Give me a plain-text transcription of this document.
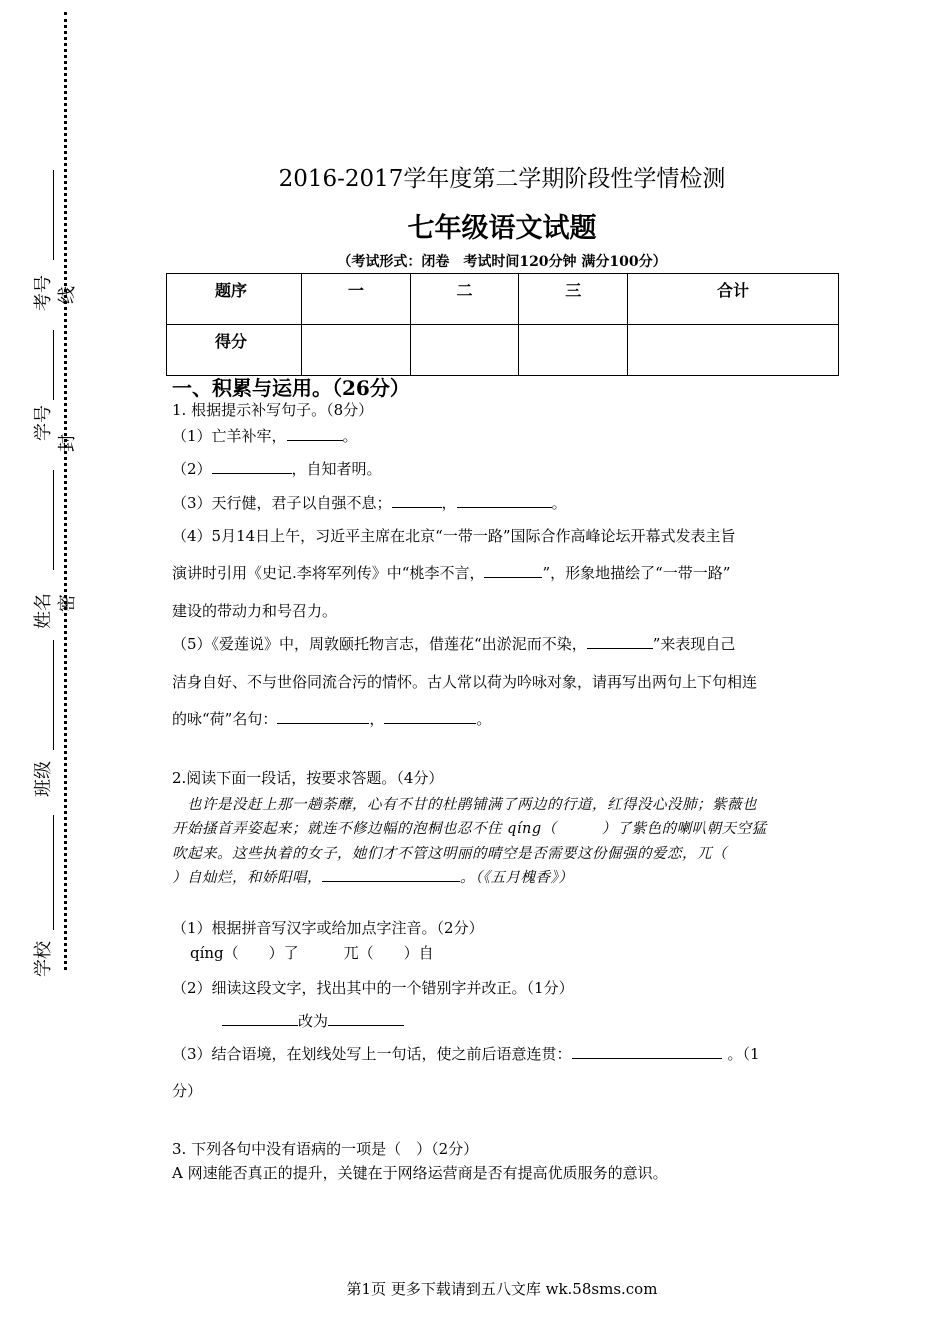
考号 线
学号
封
姓名 密
班级
学校
2016-2017学年度第二学期阶段性学情检测
七年级语文试题
（考试形式：闭卷　考试时间120分钟 满分100分）
题序	一	二	三	合计
得分				
一、积累与运用。（26分）
1. 根据提示补写句子。（8分）
（1）亡羊补牢，	。
（2）	，自知者明。
（3）天行健，君子以自强不息；	，	。
（4）5月14日上午，习近平主席在北京“一带一路”国际合作高峰论坛开幕式发表主旨
演讲时引用《史记.李将军列传》中“桃李不言，	”，形象地描绘了“一带一路”
建设的带动力和号召力。
（5）《爱莲说》中，周敦颐托物言志，借莲花“出淤泥而不染，	”来表现自己
洁身自好、不与世俗同流合污的情怀。古人常以荷为吟咏对象，请再写出两句上下句相连
的咏“荷”名句：	，	。
2.阅读下面一段话，按要求答题。（4分）
　也许是没赶上那一趟荼蘼，心有不甘的杜鹃铺满了两边的行道，红得没心没肺；紫薇也
开始搔首弄姿起来；就连不修边幅的泡桐也忍不住 qíng（　　　）了紫色的喇叭朝天空猛
吹起来。这些执着的女子，她们才不管这明丽的晴空是否需要这份倔强的爱恋，兀（
）自灿烂，和娇阳唱，	。（《五月槐香》）
（1）根据拼音写汉字或给加点字注音。（2分）
qíng（　　）了　　　兀（　　）自
（2）细读这段文字，找出其中的一个错别字并改正。（1分）
改为
（3）结合语境，在划线处写上一句话，使之前后语意连贯：	。（1
分）
3. 下列各句中没有语病的一项是（　）（2分）
A 网速能否真正的提升，关键在于网络运营商是否有提高优质服务的意识。
第1页 更多下载请到五八文库 wk.58sms.com
